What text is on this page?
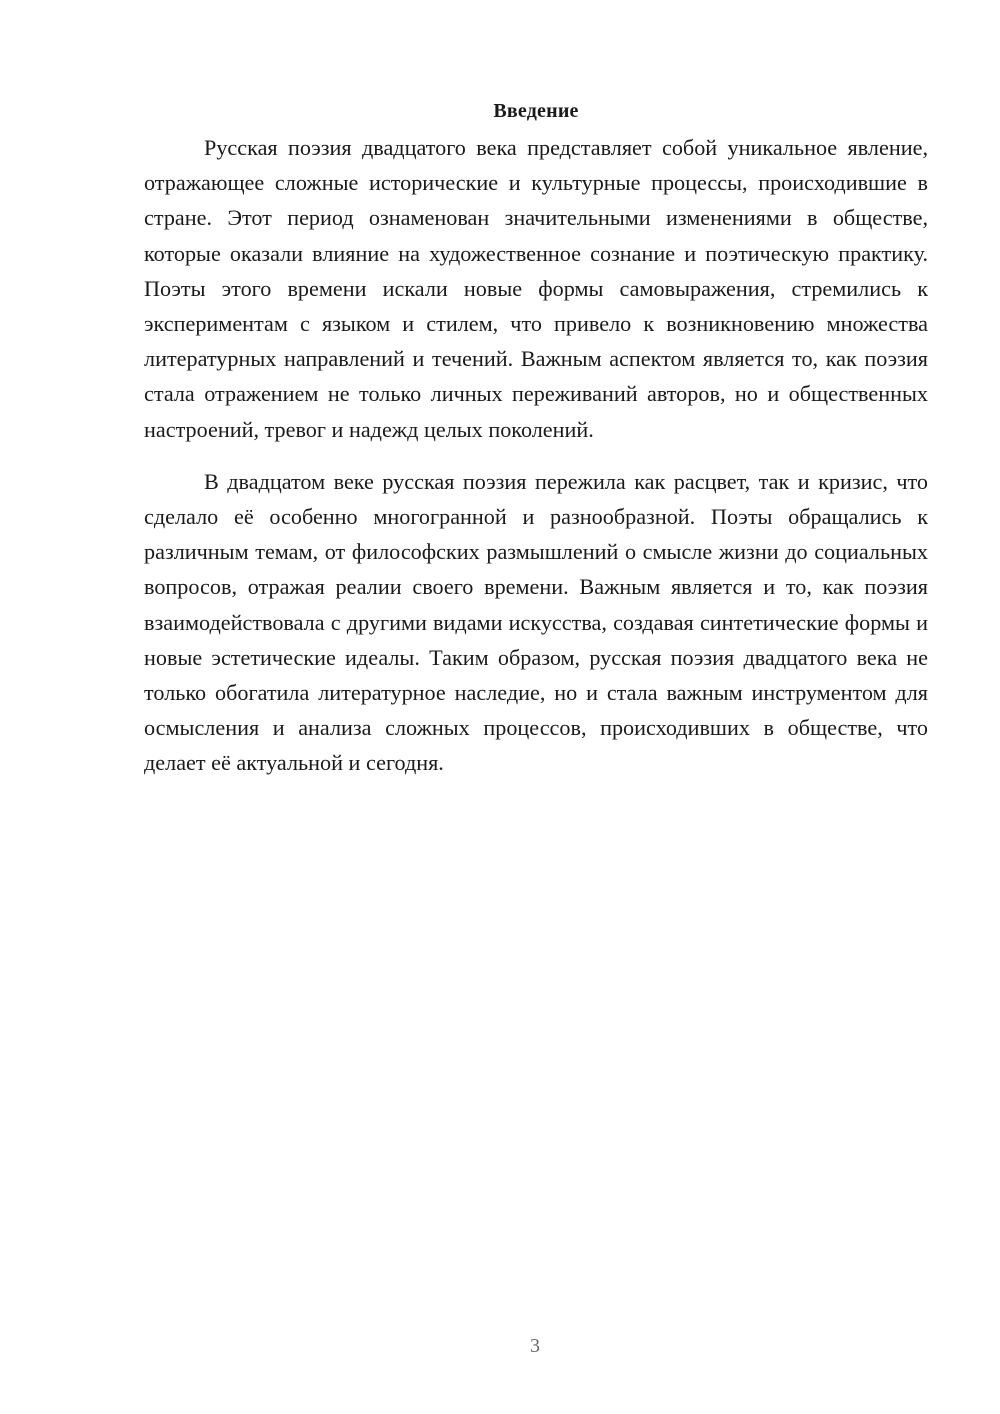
Введение

Русская поэзия двадцатого века представляет собой уникальное явление, отражающее сложные исторические и культурные процессы, происходившие в стране. Этот период ознаменован значительными изменениями в обществе, которые оказали влияние на художественное сознание и поэтическую практику. Поэты этого времени искали новые формы самовыражения, стремились к экспериментам с языком и стилем, что привело к возникновению множества литературных направлений и течений. Важным аспектом является то, как поэзия стала отражением не только личных переживаний авторов, но и общественных настроений, тревог и надежд целых поколений.

В двадцатом веке русская поэзия пережила как расцвет, так и кризис, что сделало её особенно многогранной и разнообразной. Поэты обращались к различным темам, от философских размышлений о смысле жизни до социальных вопросов, отражая реалии своего времени. Важным является и то, как поэзия взаимодействовала с другими видами искусства, создавая синтетические формы и новые эстетические идеалы. Таким образом, русская поэзия двадцатого века не только обогатила литературное наследие, но и стала важным инструментом для осмысления и анализа сложных процессов, происходивших в обществе, что делает её актуальной и сегодня.

3
